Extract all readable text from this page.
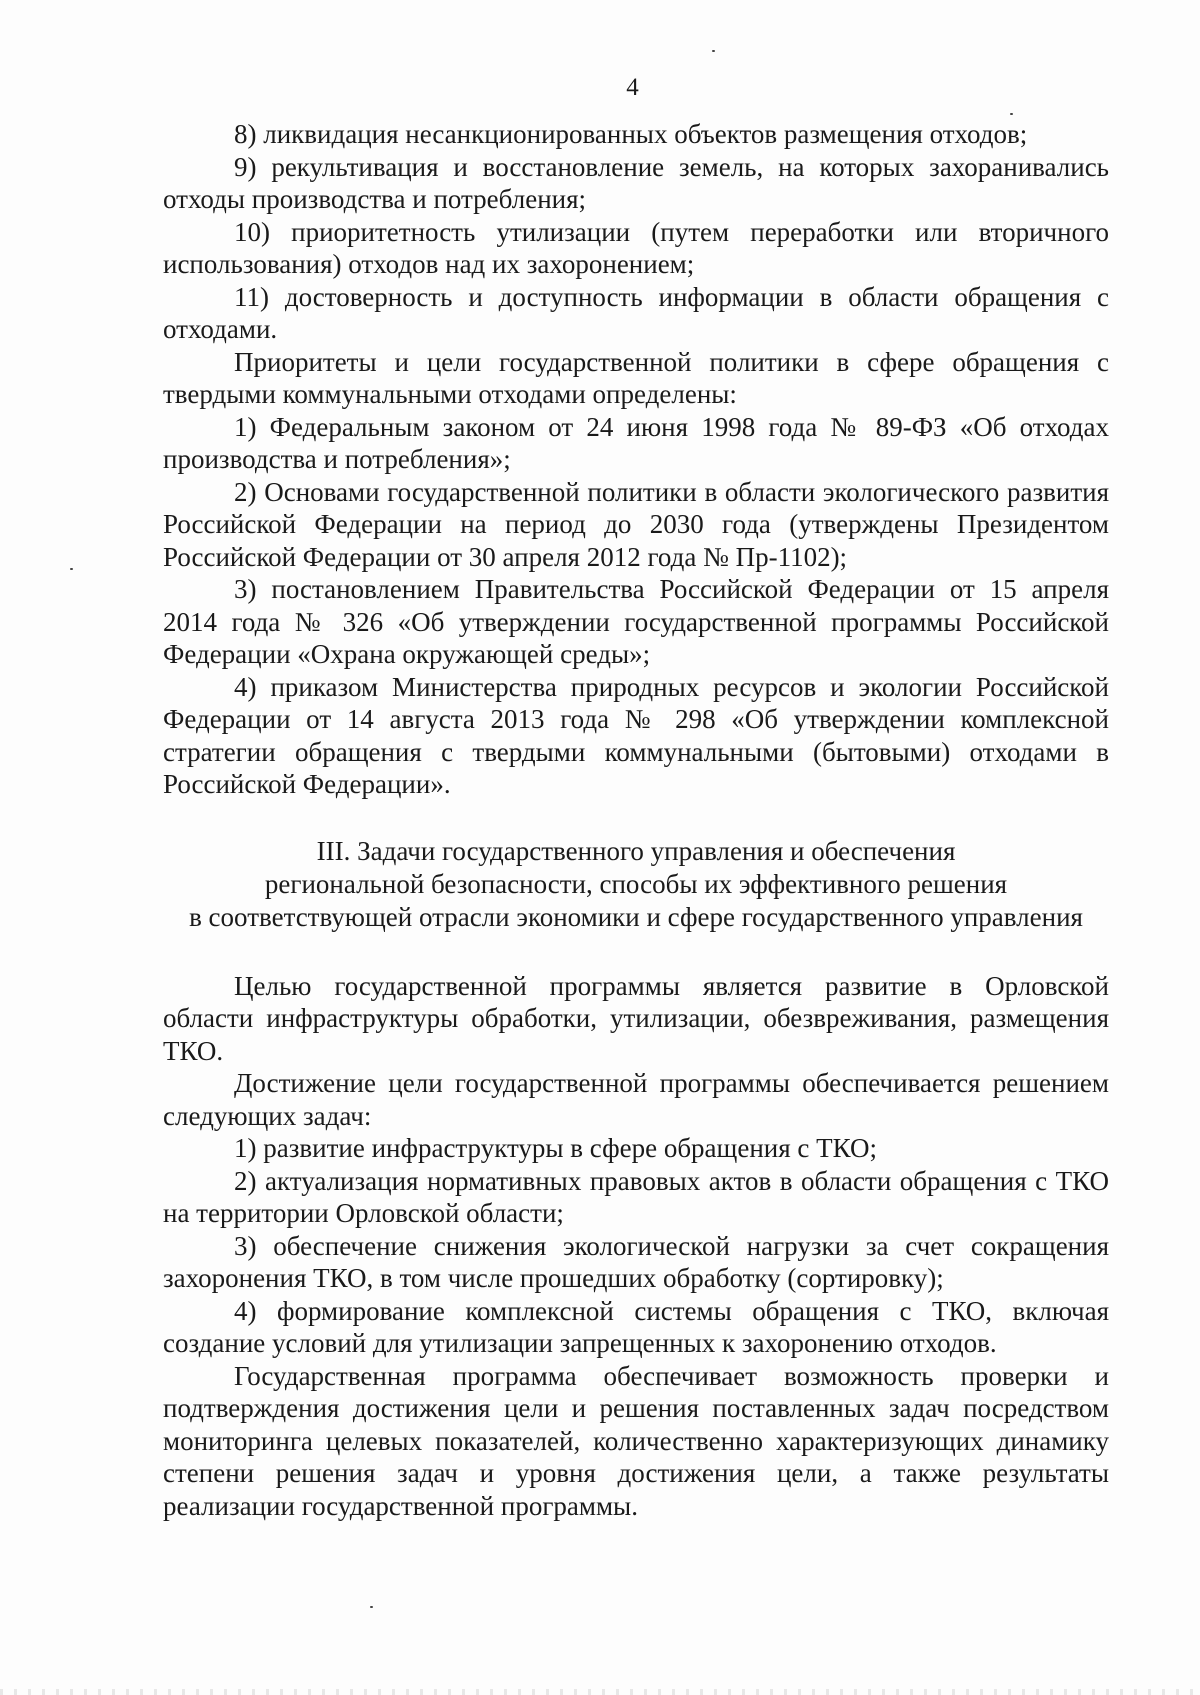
4

8) ликвидация несанкционированных объектов размещения отходов;

9) рекультивация и восстановление земель, на которых захоранивались отходы производства и потребления;

10) приоритетность утилизации (путем переработки или вторичного использования) отходов над их захоронением;

11) достоверность и доступность информации в области обращения с отходами.

Приоритеты и цели государственной политики в сфере обращения с твердыми коммунальными отходами определены:

1) Федеральным законом от 24 июня 1998 года № 89-ФЗ «Об отходах производства и потребления»;

2) Основами государственной политики в области экологического развития Российской Федерации на период до 2030 года (утверждены Президентом Российской Федерации от 30 апреля 2012 года № Пр-1102);

3) постановлением Правительства Российской Федерации от 15 апреля 2014 года № 326 «Об утверждении государственной программы Российской Федерации «Охрана окружающей среды»;

4) приказом Министерства природных ресурсов и экологии Российской Федерации от 14 августа 2013 года № 298 «Об утверждении комплексной стратегии обращения с твердыми коммунальными (бытовыми) отходами в Российской Федерации».

III. Задачи государственного управления и обеспечения

региональной безопасности, способы их эффективного решения

в соответствующей отрасли экономики и сфере государственного управления

Целью государственной программы является развитие в Орловской области инфраструктуры обработки, утилизации, обезвреживания, размещения ТКО.

Достижение цели государственной программы обеспечивается решением следующих задач:

1) развитие инфраструктуры в сфере обращения с ТКО;

2) актуализация нормативных правовых актов в области обращения с ТКО на территории Орловской области;

3) обеспечение снижения экологической нагрузки за счет сокращения захоронения ТКО, в том числе прошедших обработку (сортировку);

4) формирование комплексной системы обращения с ТКО, включая создание условий для утилизации запрещенных к захоронению отходов.

Государственная программа обеспечивает возможность проверки и подтверждения достижения цели и решения поставленных задач посредством мониторинга целевых показателей, количественно характеризующих динамику степени решения задач и уровня достижения цели, а также результаты реализации государственной программы.
